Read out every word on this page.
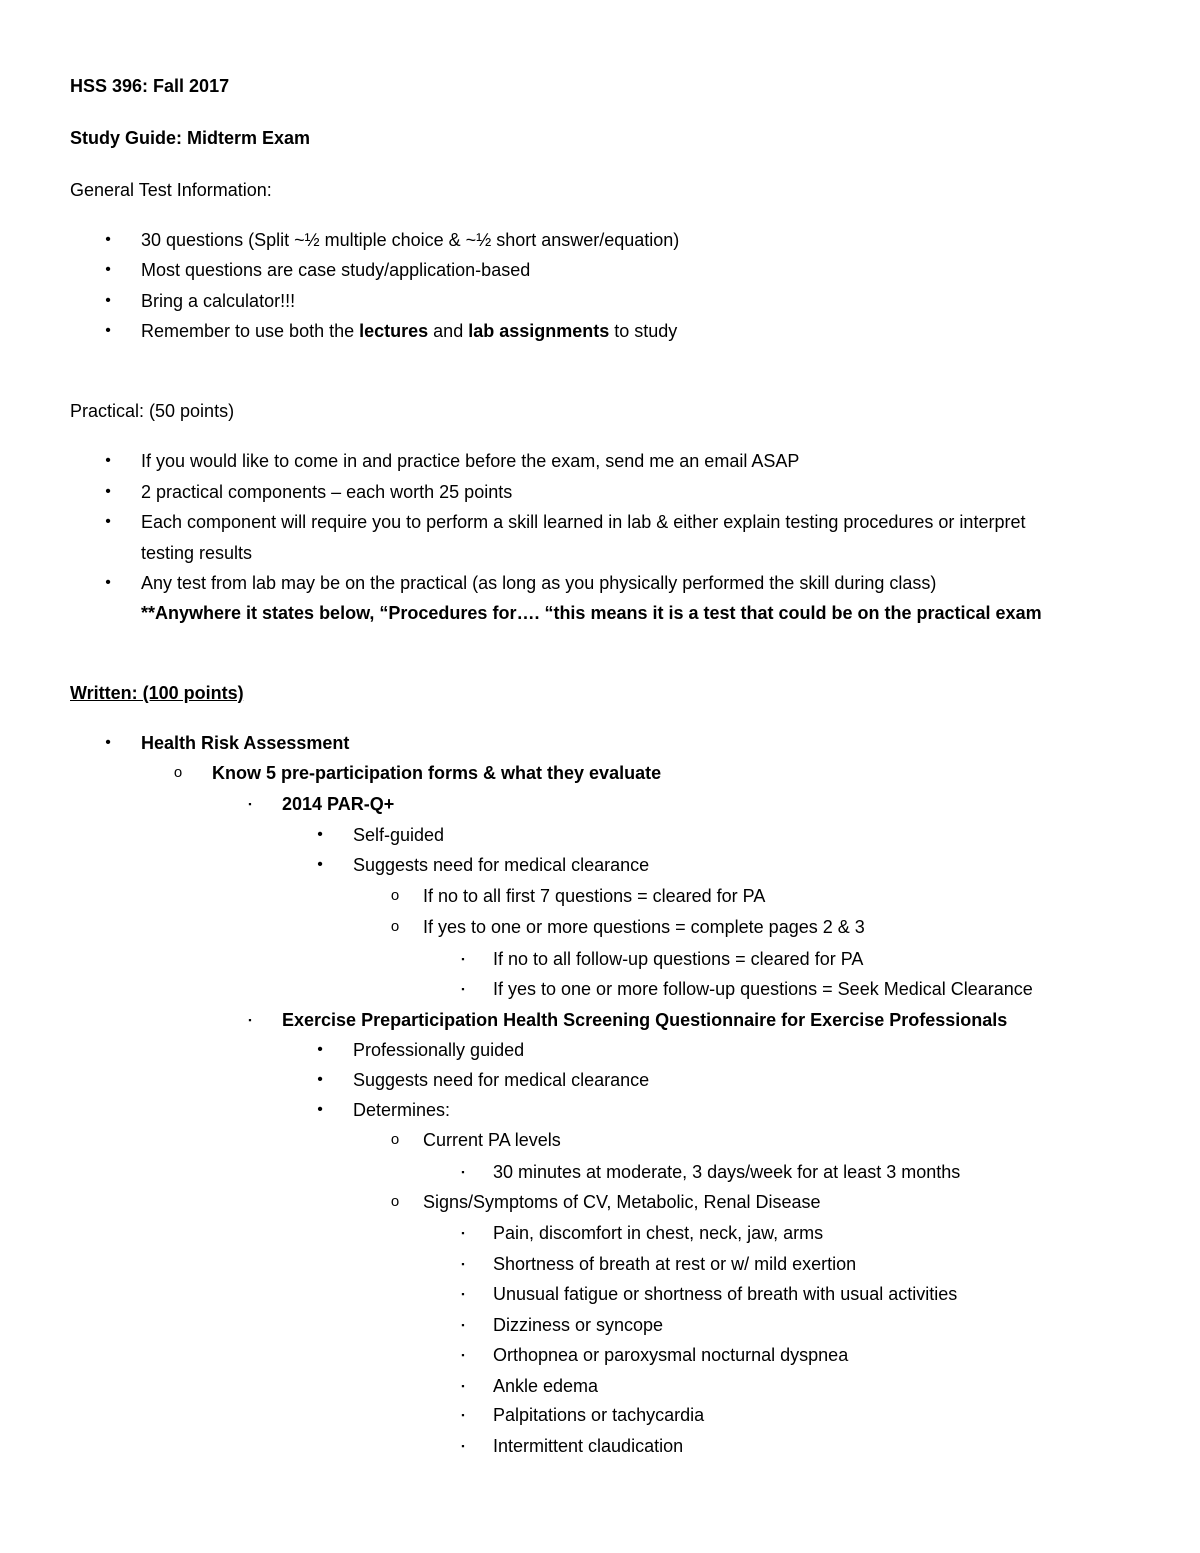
HSS 396: Fall 2017
Study Guide: Midterm Exam
General Test Information:
•	30 questions (Split ~½ multiple choice & ~½ short answer/equation)
•	Most questions are case study/application-based
•	Bring a calculator!!!
•	Remember to use both the lectures and lab assignments to study
Practical: (50 points)
•	If you would like to come in and practice before the exam, send me an email ASAP
•	2 practical components – each worth 25 points
•	Each component will require you to perform a skill learned in lab & either explain testing procedures or interpret
testing results
•	Any test from lab may be on the practical (as long as you physically performed the skill during class)
**Anywhere it states below, “Procedures for…. “this means it is a test that could be on the practical exam
Written: (100 points)
•	Health Risk Assessment
o	Know 5 pre-participation forms & what they evaluate
▪	2014 PAR-Q+
•	Self-guided
•	Suggests need for medical clearance
o	If no to all first 7 questions = cleared for PA
o	If yes to one or more questions = complete pages 2 & 3
▪	If no to all follow-up questions = cleared for PA
▪	If yes to one or more follow-up questions = Seek Medical Clearance
▪	Exercise Preparticipation Health Screening Questionnaire for Exercise Professionals
•	Professionally guided
•	Suggests need for medical clearance
•	Determines:
o	Current PA levels
▪	30 minutes at moderate, 3 days/week for at least 3 months
o	Signs/Symptoms of CV, Metabolic, Renal Disease
▪	Pain, discomfort in chest, neck, jaw, arms
▪	Shortness of breath at rest or w/ mild exertion
▪	Unusual fatigue or shortness of breath with usual activities
▪	Dizziness or syncope
▪	Orthopnea or paroxysmal nocturnal dyspnea
▪	Ankle edema
▪	Palpitations or tachycardia
▪	Intermittent claudication
